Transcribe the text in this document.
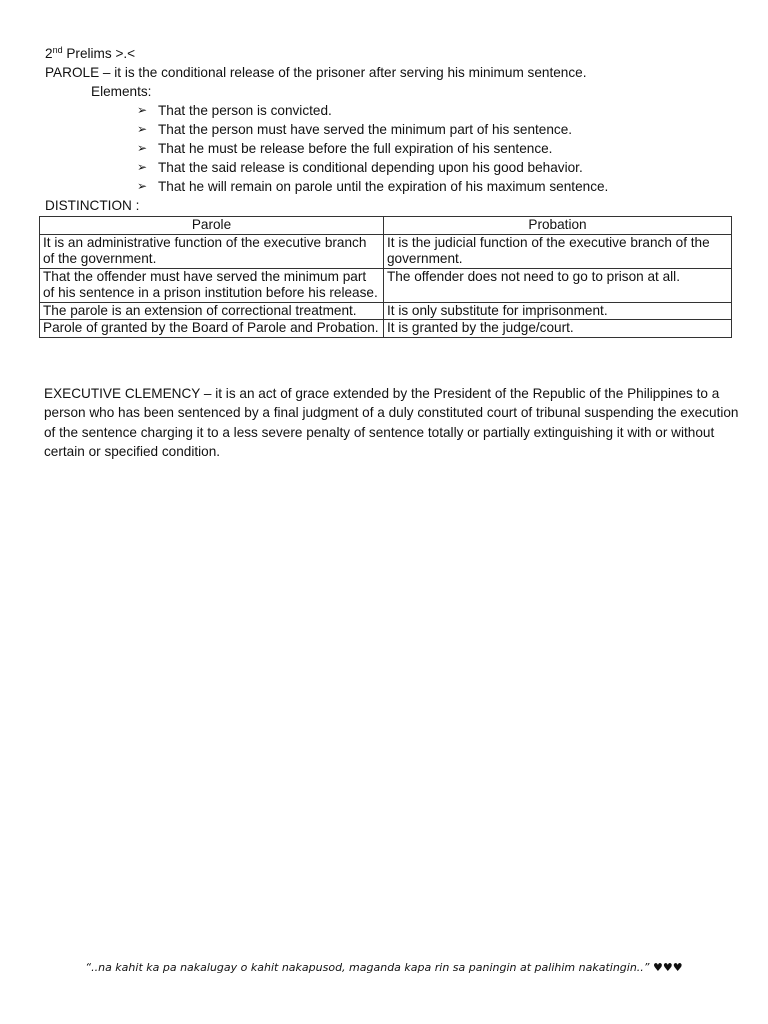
2nd Prelims >.<
PAROLE – it is the conditional release of the prisoner after serving his minimum sentence.
Elements:
➢ That the person is convicted.
➢ That the person must have served the minimum part of his sentence.
➢ That he must be release before the full expiration of his sentence.
➢ That the said release is conditional depending upon his good behavior.
➢ That he will remain on parole until the expiration of his maximum sentence.
DISTINCTION :
Parole	Probation
It is an administrative function of the executive branch of the government.	It is the judicial function of the executive branch of the government.
That the offender must have served the minimum part of his sentence in a prison institution before his release.	The offender does not need to go to prison at all.
The parole is an extension of correctional treatment.	It is only substitute for imprisonment.
Parole of granted by the Board of Parole and Probation.	It is granted by the judge/court.
EXECUTIVE CLEMENCY – it is an act of grace extended by the President of the Republic of the Philippines to a person who has been sentenced by a final judgment of a duly constituted court of tribunal suspending the execution of the sentence charging it to a less severe penalty of sentence totally or partially extinguishing it with or without certain or specified condition.
“..na kahit ka pa nakalugay o kahit nakapusod, maganda kapa rin sa paningin at palihim nakatingin..” ♥♥♥
